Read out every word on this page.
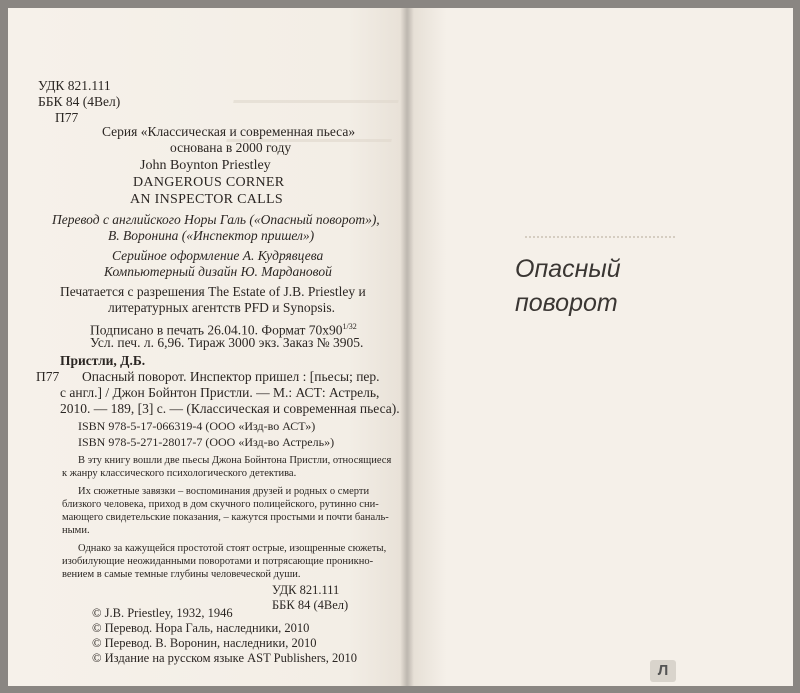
УДК 821.111
ББК 84 (4Вел)
П77
Серия «Классическая и современная пьеса»
основана в 2000 году
John Boynton Priestley
DANGEROUS CORNER
AN INSPECTOR CALLS
Перевод с английского Норы Галь («Опасный поворот»),
В. Воронина («Инспектор пришел»)
Серийное оформление А. Кудрявцева
Компьютерный дизайн Ю. Мардановой
Печатается с разрешения The Estate of J.B. Priestley и
литературных агентств PFD и Synopsis.
Подписано в печать 26.04.10. Формат $70x90^{1/32}$
Усл. печ. л. 6,96. Тираж 3000 экз. Заказ № 3905.
Пристли, Д.Б.
П77 Опасный поворот. Инспектор пришел : [пьесы; пер.
с англ.] / Джон Бойнтон Пристли. — М.: АСТ: Астрель,
2010. — 189, [3] с. — (Классическая и современная пьеса).
ISBN 978-5-17-066319-4 (ООО «Изд-во АСТ»)
ISBN 978-5-271-28017-7 (ООО «Изд-во Астрель»)
В эту книгу вошли две пьесы Джона Бойнтона Пристли, относящиеся
к жанру классического психологического детектива.
Их сюжетные завязки – воспоминания друзей и родных о смерти
близкого человека, приход в дом скучного полицейского, рутинно сни-
мающего свидетельские показания, – кажутся простыми и почти баналь-
ными.
Однако за кажущейся простотой стоят острые, изощренные сюжеты,
изобилующие неожиданными поворотами и потрясающие проникно-
вением в самые темные глубины человеческой души.
УДК 821.111
ББК 84 (4Вел)
© J.B. Priestley, 1932, 1946
© Перевод. Нора Галь, наследники, 2010
© Перевод. В. Воронин, наследники, 2010
© Издание на русском языке AST Publishers, 2010
Опасный
поворот
Л
